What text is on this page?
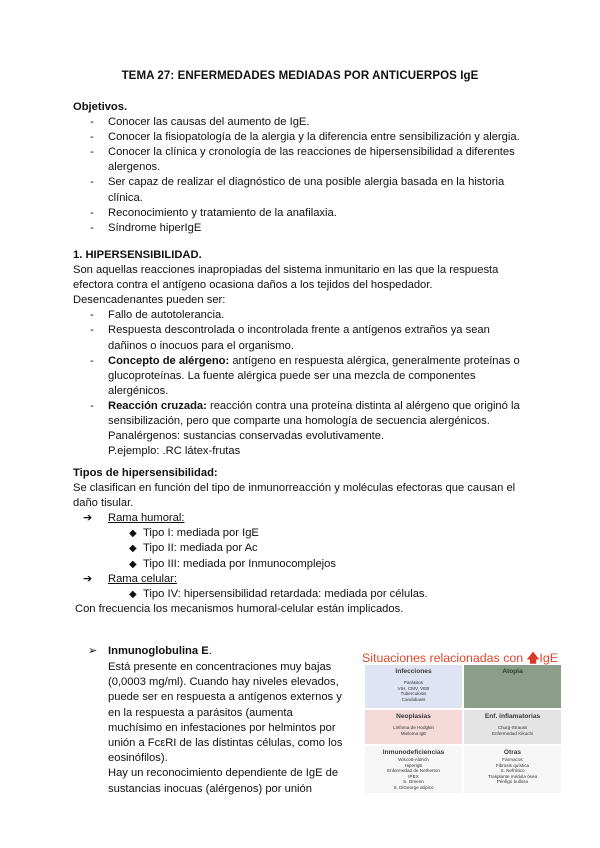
TEMA 27: ENFERMEDADES MEDIADAS POR ANTICUERPOS IgE
Objetivos.
- Conocer las causas del aumento de IgE.
- Conocer la fisiopatología de la alergia y la diferencia entre sensibilización y alergia.
- Conocer la clínica y cronología de las reacciones de hipersensibilidad a diferentes alergenos.
- Ser capaz de realizar el diagnóstico de una posible alergia basada en la historia clínica.
- Reconocimiento y tratamiento de la anafilaxia.
- Síndrome hiperIgE
1. HIPERSENSIBILIDAD.
Son aquellas reacciones inapropiadas del sistema inmunitario en las que la respuesta efectora contra el antígeno ocasiona daños a los tejidos del hospedador.
Desencadenantes pueden ser:
- Fallo de autotolerancia.
- Respuesta descontrolada o incontrolada frente a antígenos extraños ya sean dañinos o inocuos para el organismo.
- Concepto de alérgeno: antígeno en respuesta alérgica, generalmente proteínas o glucoproteínas. La fuente alérgica puede ser una mezcla de componentes alergénicos.
- Reacción cruzada: reacción contra una proteína distinta al alérgeno que originó la sensibilización, pero que comparte una homología de secuencia alergénicos.
Panalérgenos: sustancias conservadas evolutivamente.
P.ejemplo: .RC látex-frutas
Tipos de hipersensibilidad:
Se clasifican en función del tipo de inmunorreacción y moléculas efectoras que causan el daño tisular.
➔ Rama humoral:
◆ Tipo I: mediada por IgE
◆ Tipo II: mediada por Ac
◆ Tipo III: mediada por Inmunocomplejos
➔ Rama celular:
◆ Tipo IV: hipersensibilidad retardada: mediada por células.
Con frecuencia los mecanismos humoral-celular están implicados.
➢ Inmunoglobulina E.
Está presente en concentraciones muy bajas (0,0003 mg/ml). Cuando hay niveles elevados, puede ser en respuesta a antígenos externos y en la respuesta a parásitos (aumenta muchísimo en infestaciones por helmintos por unión a FcεRI de las distintas células, como los eosinófilos).
Hay un reconocimiento dependiente de IgE de sustancias inocuas (alérgenos) por unión
Situaciones relacionadas con 🡅IgE
Infecciones
Parásitos
VIH, CMV, VEB
Tuberculosis
Candidiasis
Atopia
Neoplasias
Linfoma de Hodgkin
Mieloma IgE
Enf. inflamatorias
Churg-Strauss
Enfermedad Kikuchi
Inmunodeficiencias
Wiscott-Aldrich
HiperIgE
Enfermedad de Netherton
IPEX
S. Omenn
S. DiGeorge atípico
Otras
Fármacos
Fibrosis quística
S. Nefrótico
Trasplante médula ósea
Pénfigo bulloso
